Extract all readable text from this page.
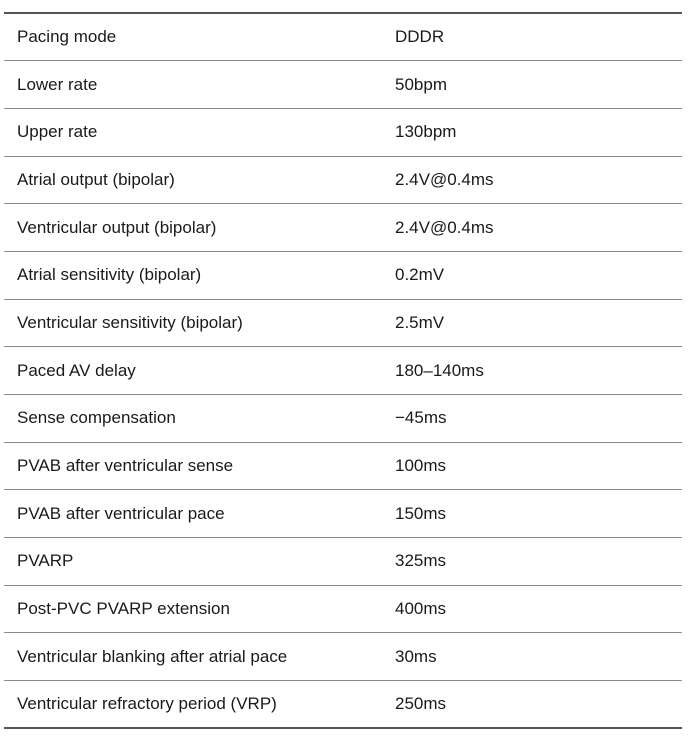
Pacing mode	DDDR
Lower rate	50bpm
Upper rate	130bpm
Atrial output (bipolar)	2.4V@0.4ms
Ventricular output (bipolar)	2.4V@0.4ms
Atrial sensitivity (bipolar)	0.2mV
Ventricular sensitivity (bipolar)	2.5mV
Paced AV delay	180–140ms
Sense compensation	−45ms
PVAB after ventricular sense	100ms
PVAB after ventricular pace	150ms
PVARP	325ms
Post-PVC PVARP extension	400ms
Ventricular blanking after atrial pace	30ms
Ventricular refractory period (VRP)	250ms
